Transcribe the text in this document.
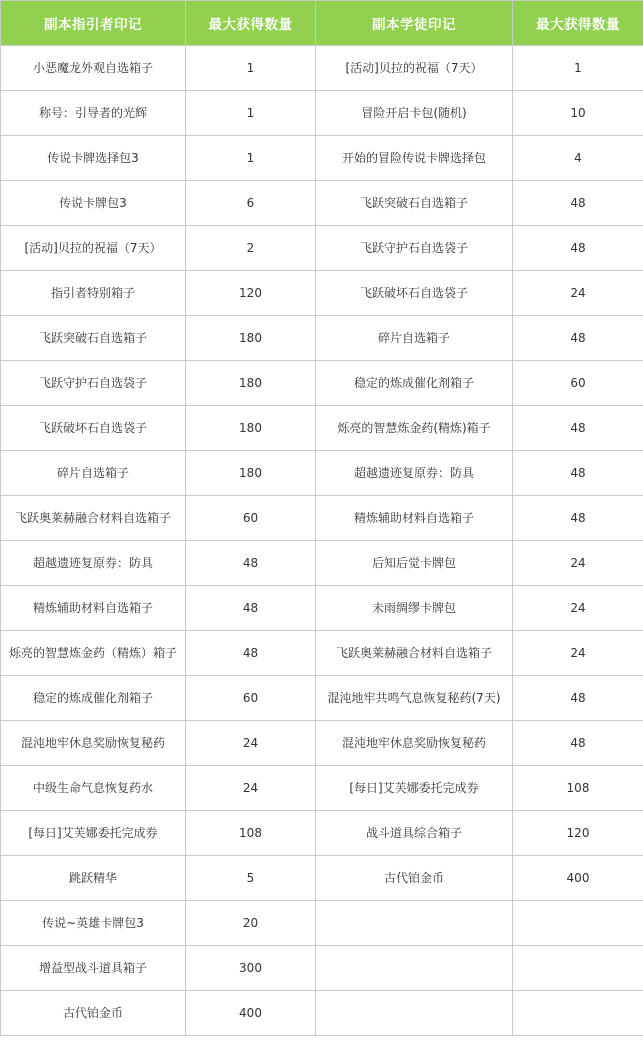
副本指引者印记	最大获得数量	副本学徒印记	最大获得数量
小恶魔龙外观自选箱子	1	[活动]贝拉的祝福（7天）	1
称号：引导者的光辉	1	冒险开启卡包(随机)	10
传说卡牌选择包3	1	开始的冒险传说卡牌选择包	4
传说卡牌包3	6	飞跃突破石自选箱子	48
[活动]贝拉的祝福（7天）	2	飞跃守护石自选袋子	48
指引者特别箱子	120	飞跃破坏石自选袋子	24
飞跃突破石自选箱子	180	碎片自选箱子	48
飞跃守护石自选袋子	180	稳定的炼成催化剂箱子	60
飞跃破坏石自选袋子	180	烁亮的智慧炼金药(精炼)箱子	48
碎片自选箱子	180	超越遗迹复原券：防具	48
飞跃奥莱赫融合材料自选箱子	60	精炼辅助材料自选箱子	48
超越遗迹复原券：防具	48	后知后觉卡牌包	24
精炼辅助材料自选箱子	48	未雨绸缪卡牌包	24
烁亮的智慧炼金药（精炼）箱子	48	飞跃奥莱赫融合材料自选箱子	24
稳定的炼成催化剂箱子	60	混沌地牢共鸣气息恢复秘药(7天)	48
混沌地牢休息奖励恢复秘药	24	混沌地牢休息奖励恢复秘药	48
中级生命气息恢复药水	24	[每日]艾芙娜委托完成券	108
[每日]艾芙娜委托完成券	108	战斗道具综合箱子	120
跳跃精华	5	古代铂金币	400
传说~英雄卡牌包3	20		
增益型战斗道具箱子	300		
古代铂金币	400		
